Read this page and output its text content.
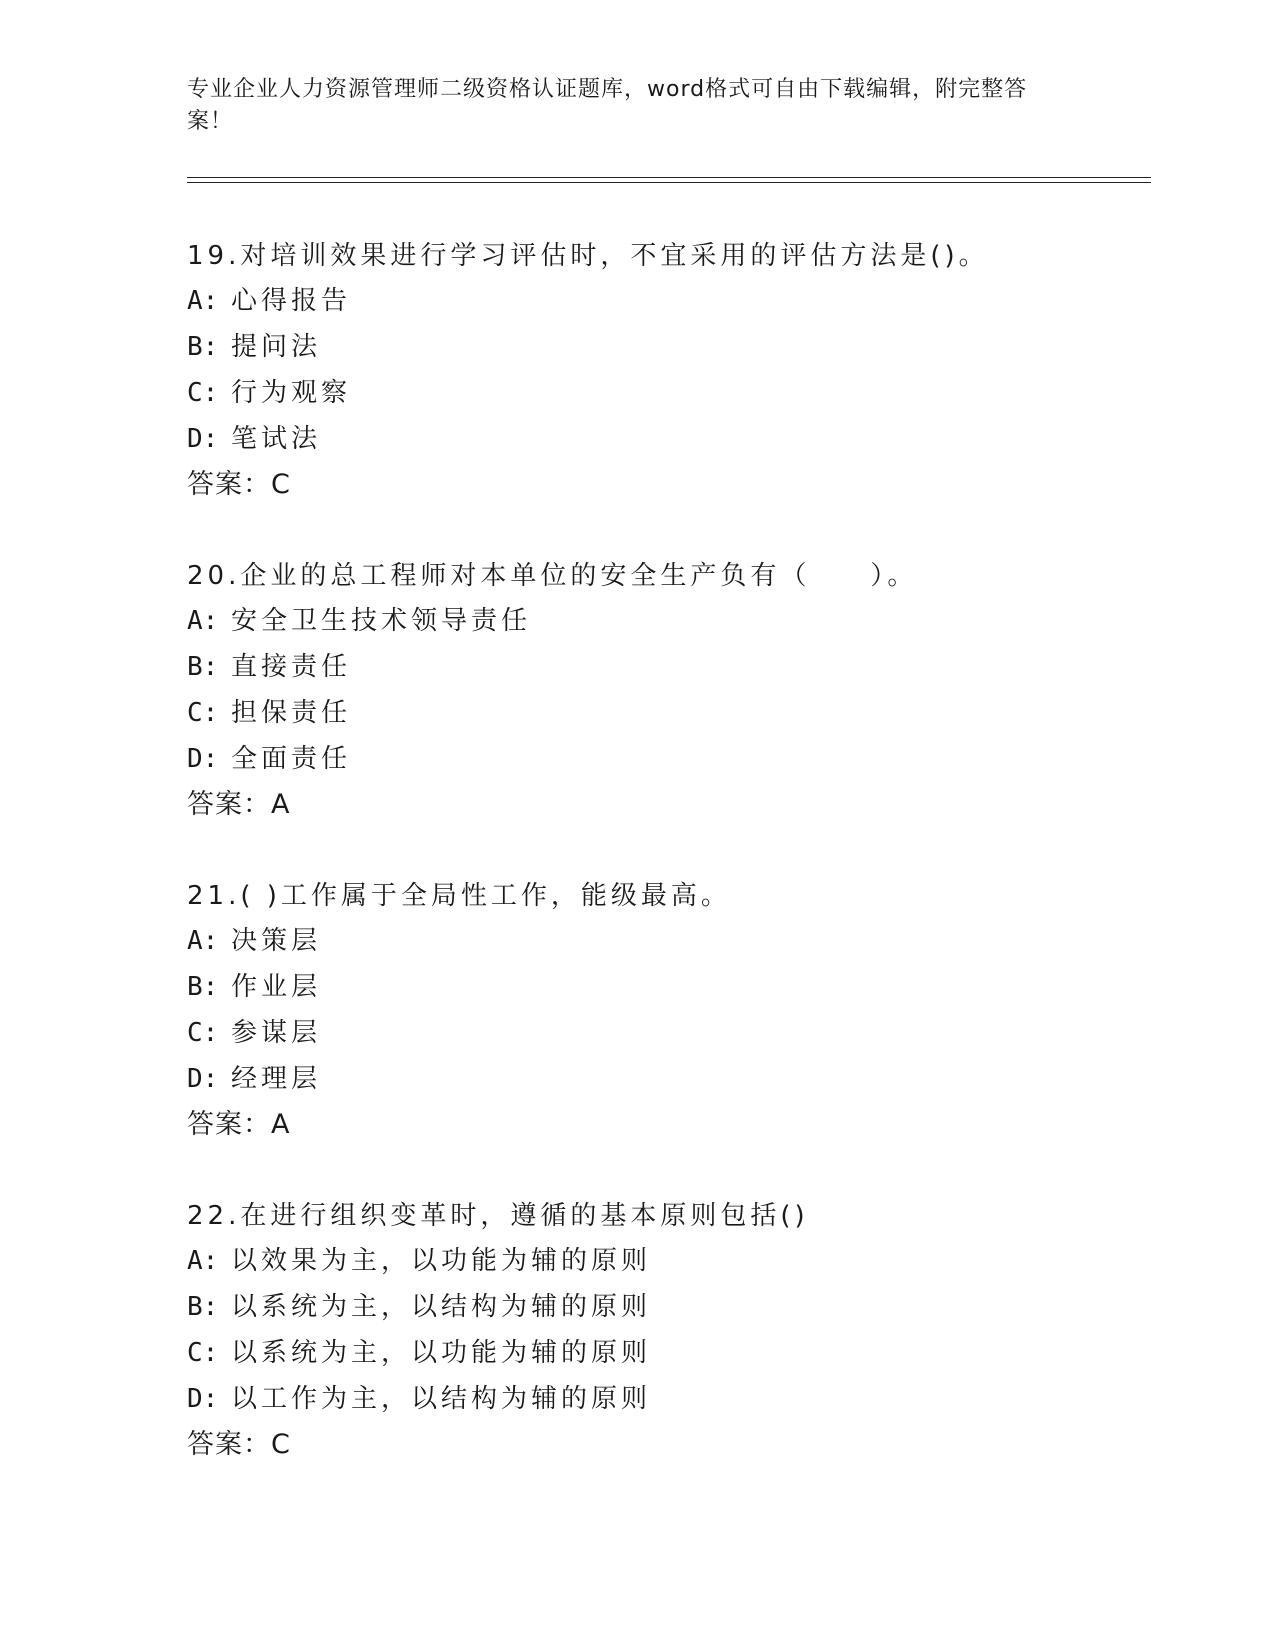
专业企业人力资源管理师二级资格认证题库，word格式可自由下载编辑，附完整答案！
19.对培训效果进行学习评估时，不宜采用的评估方法是()。
A: 心得报告
B: 提问法
C: 行为观察
D: 笔试法
答案：C
20.企业的总工程师对本单位的安全生产负有（　　）。
A: 安全卫生技术领导责任
B: 直接责任
C: 担保责任
D: 全面责任
答案：A
21.( )工作属于全局性工作，能级最高。
A: 决策层
B: 作业层
C: 参谋层
D: 经理层
答案：A
22.在进行组织变革时，遵循的基本原则包括()
A: 以效果为主，以功能为辅的原则
B: 以系统为主，以结构为辅的原则
C: 以系统为主，以功能为辅的原则
D: 以工作为主，以结构为辅的原则
答案：C
